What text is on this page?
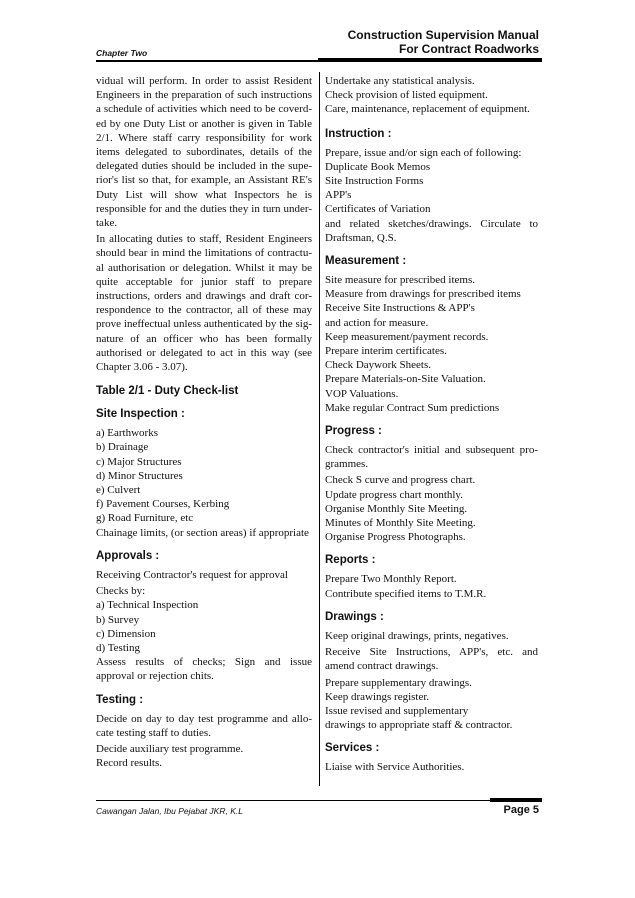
Construction Supervision Manual
For Contract Roadworks
Chapter Two

vidual will perform. In order to assist Resident Engineers in the preparation of such instructions a schedule of activities which need to be coverd-ed by one Duty List or another is given in Table 2/1. Where staff carry responsibility for work items delegated to subordinates, details of the delegated duties should be included in the supe-rior's list so that, for example, an Assistant RE's Duty List will show what Inspectors he is responsible for and the duties they in turn under-take.

In allocating duties to staff, Resident Engineers should bear in mind the limitations of contractu-al authorisation or delegation. Whilst it may be quite acceptable for junior staff to prepare instructions, orders and drawings and draft cor-respondence to the contractor, all of these may prove ineffectual unless authenticated by the sig-nature of an officer who has been formally authorised or delegated to act in this way (see Chapter 3.06 - 3.07).

Table 2/1 - Duty Check-list
Site Inspection :

a) Earthworks

b) Drainage

c) Major Structures

d) Minor Structures

e) Culvert

f) Pavement Courses, Kerbing

g) Road Furniture, etc

Chainage limits, (or section areas) if appropriate

Approvals :

Receiving Contractor's request for approval

Checks by:

a) Technical Inspection

b) Survey

c) Dimension

d) Testing

Assess results of checks; Sign and issue approval or rejection chits.

Testing :

Decide on day to day test programme and allo-cate testing staff to duties.

Decide auxiliary test programme.

Record results.

Undertake any statistical analysis.

Check provision of listed equipment.

Care, maintenance, replacement of equipment.

Instruction :

Prepare, issue and/or sign each of following:

Duplicate Book Memos

Site Instruction Forms

APP's

Certificates of Variation

and related sketches/drawings. Circulate to Draftsman, Q.S.

Measurement :

Site measure for prescribed items.

Measure from drawings for prescribed items

Receive Site Instructions & APP's

and action for measure.

Keep measurement/payment records.

Prepare interim certificates.

Check Daywork Sheets.

Prepare Materials-on-Site Valuation.

VOP Valuations.

Make regular Contract Sum predictions

Progress :

Check contractor's initial and subsequent pro-grammes.

Check S curve and progress chart.

Update progress chart monthly.

Organise Monthly Site Meeting.

Minutes of Monthly Site Meeting.

Organise Progress Photographs.

Reports :

Prepare Two Monthly Report.

Contribute specified items to T.M.R.

Drawings :

Keep original drawings, prints, negatives.

Receive Site Instructions, APP's, etc. and amend contract drawings.

Prepare supplementary drawings.

Keep drawings register.

Issue revised and supplementary

drawings to appropriate staff & contractor.

Services :

Liaise with Service Authorities.

Cawangan Jalan, Ibu Pejabat JKR, K.L	Page 5
